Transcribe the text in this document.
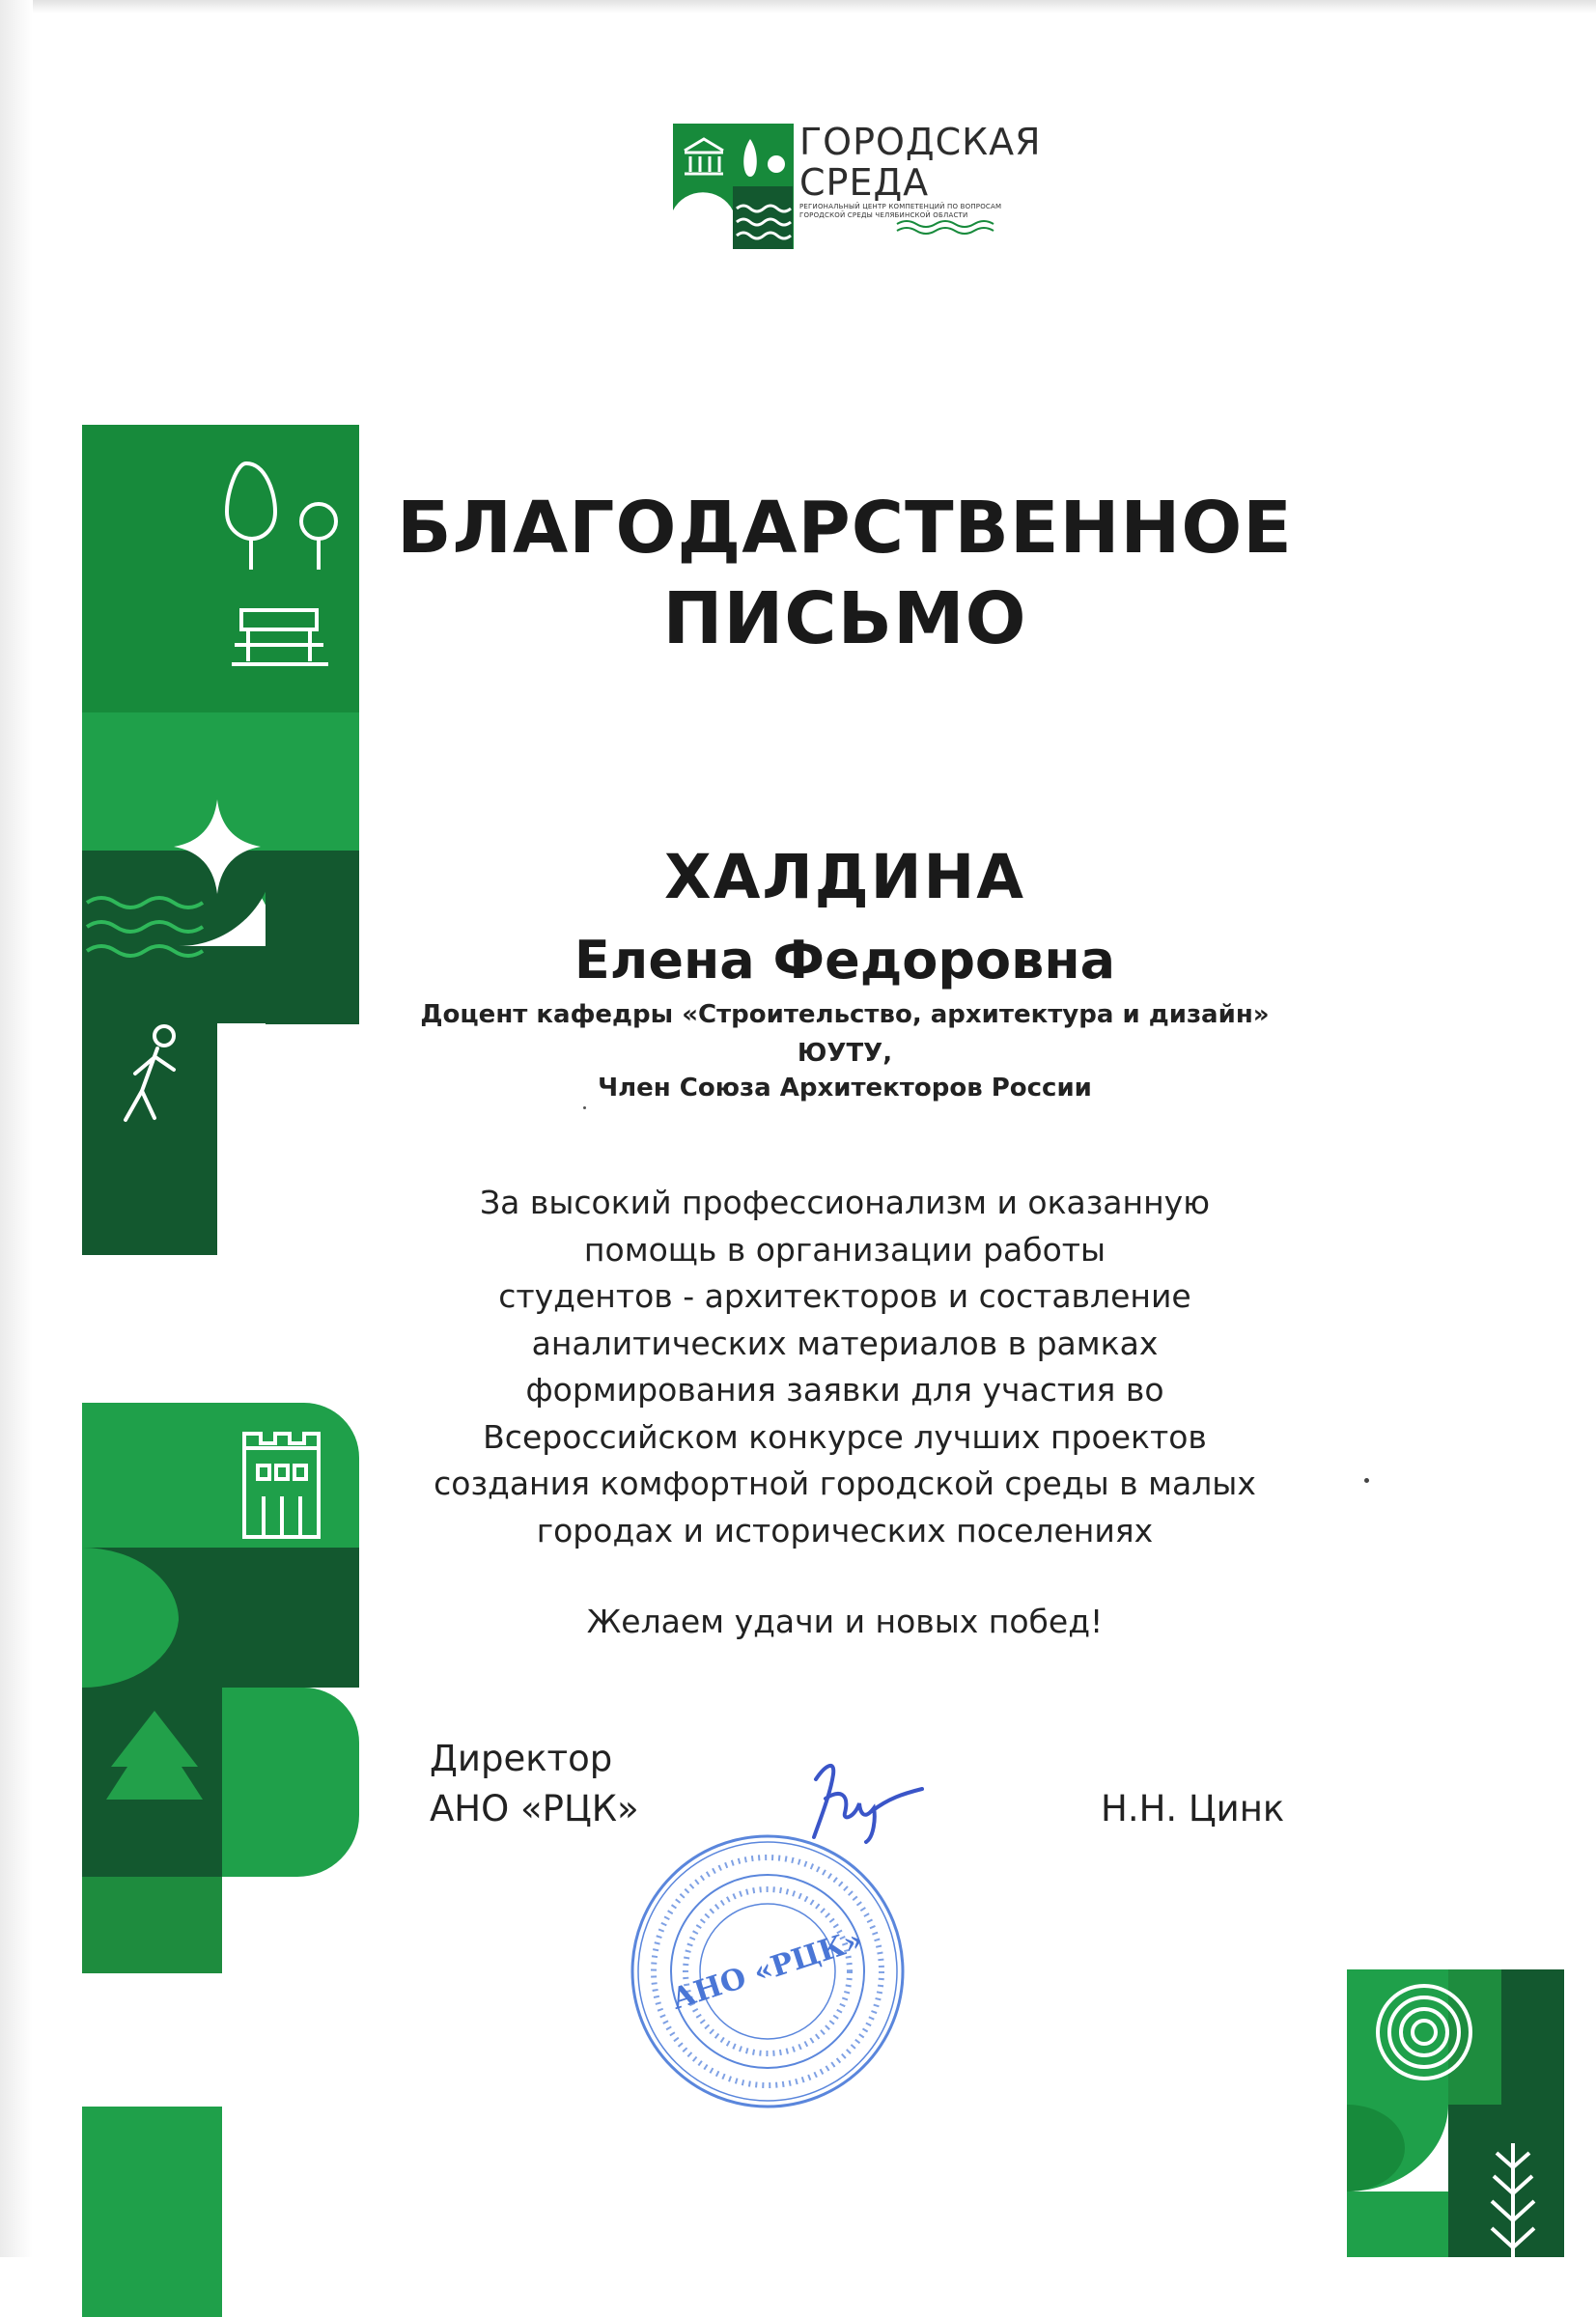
ГОРОДСКАЯ
СРЕДА
РЕГИОНАЛЬНЫЙ ЦЕНТР КОМПЕТЕНЦИЙ ПО ВОПРОСАМ ГОРОДСКОЙ СРЕДЫ ЧЕЛЯБИНСКОЙ ОБЛАСТИ
БЛАГОДАРСТВЕННОЕ
ПИСЬМО
ХАЛДИНА
Елена Федоровна
Доцент кафедры «Строительство, архитектура и дизайн»
ЮУТУ,
Член Союза Архитекторов России
За высокий профессионализм и оказанную
помощь в организации работы
студентов - архитекторов и составление
аналитических материалов в рамках
формирования заявки для участия во
Всероссийском конкурсе лучших проектов
создания комфортной городской среды в малых
городах и исторических поселениях
Желаем удачи и новых побед!
Директор
АНО «РЦК»	Н.Н. Цинк
АНО «РЦК»
